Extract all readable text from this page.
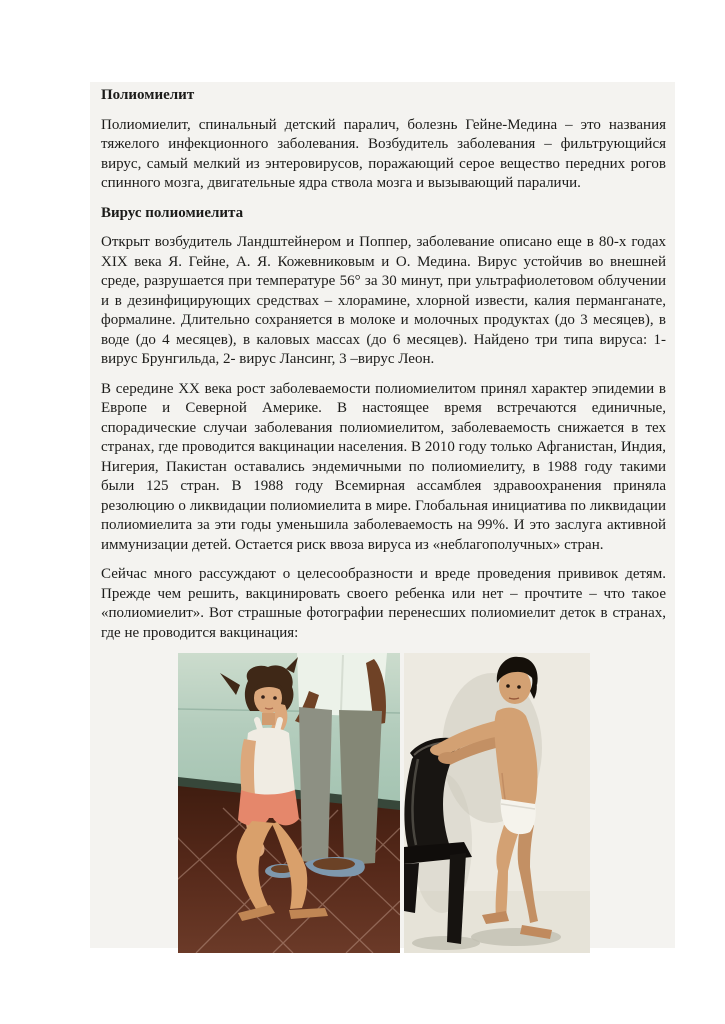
Полиомиелит

Полиомиелит, спинальный детский паралич, болезнь Гейне-Медина – это названия тяжелого инфекционного заболевания. Возбудитель заболевания – фильтрующийся вирус, самый мелкий из энтеровирусов, поражающий серое вещество передних рогов спинного мозга, двигательные ядра ствола мозга и вызывающий параличи.

Вирус полиомиелита

Открыт возбудитель Ландштейнером и Поппер, заболевание описано еще в 80-х годах XIX века Я. Гейне, А. Я. Кожевниковым и О. Медина. Вирус устойчив во внешней среде, разрушается при температуре 56° за 30 минут, при ультрафиолетовом облучении и в дезинфицирующих средствах – хлорамине, хлорной извести, калия перманганате, формалине. Длительно сохраняется в молоке и молочных продуктах (до 3 месяцев), в воде (до 4 месяцев), в каловых массах (до 6 месяцев). Найдено три типа вируса: 1-вирус Брунгильда, 2- вирус Лансинг, 3 –вирус Леон.

В середине XX века рост заболеваемости полиомиелитом принял характер эпидемии в Европе и Северной Америке. В настоящее время встречаются единичные, спорадические случаи заболевания полиомиелитом, заболеваемость снижается в тех странах, где проводится вакцинации населения. В 2010 году только Афганистан, Индия, Нигерия, Пакистан оставались эндемичными по полиомиелиту, в 1988 году такими были 125 стран. В 1988 году Всемирная ассамблея здравоохранения приняла резолюцию о ликвидации полиомиелита в мире. Глобальная инициатива по ликвидации полиомиелита за эти годы уменьшила заболеваемость на 99%. И это заслуга активной иммунизации детей. Остается риск ввоза вируса из «неблагополучных» стран.

Сейчас много рассуждают о целесообразности и вреде проведения прививок детям. Прежде чем решить, вакцинировать своего ребенка или нет – прочтите – что такое «полиомиелит». Вот страшные фотографии перенесших полиомиелит деток в странах, где не проводится вакцинация:
